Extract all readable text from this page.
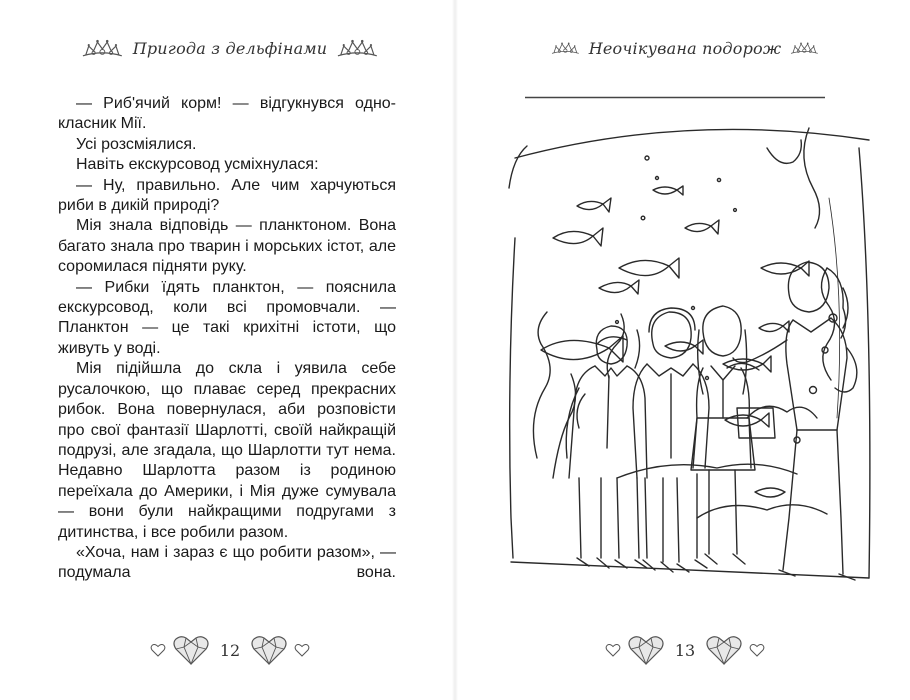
Пригода з дельфінами

— Риб'ячий корм! — відгукнувся однокласник Мії.

Усі розсміялися.

Навіть екскурсовод усміхнулася:

— Ну, правильно. Але чим харчуються риби в дикій природі?

Мія знала відповідь — планктоном. Вона багато знала про тварин і морських істот, але соромилася підняти руку.

— Рибки їдять планктон, — пояснила екскурсовод, коли всі промовчали. — Планктон — це такі крихітні істоти, що живуть у воді.

Мія підійшла до скла і уявила себе русалочкою, що плаває серед прекрасних рибок. Вона повернулася, аби розповісти про свої фантазії Шарлотті, своїй найкращій подрузі, але згадала, що Шарлотти тут нема. Недавно Шарлотта разом із родиною переїхала до Америки, і Мія дуже сумувала — вони були найкращими подругами з дитинства, і все робили разом.

«Хоча, нам і зараз є що робити разом», — подумала вона.

12
Неочікувана подорож
13
